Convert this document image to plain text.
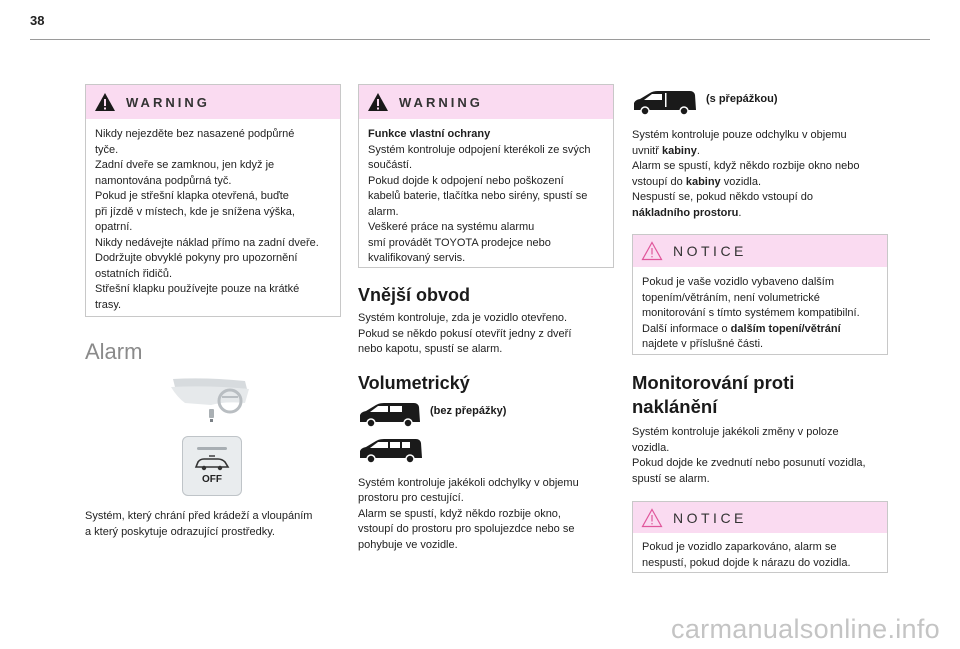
38
WARNING

Nikdy nejezděte bez nasazené podpůrné

tyče.

Zadní dveře se zamknou, jen když je

namontována podpůrná tyč.

Pokud je střešní klapka otevřená, buďte

při jízdě v místech, kde je snížena výška,

opatrní.

Nikdy nedávejte náklad přímo na zadní dveře.

Dodržujte obvyklé pokyny pro upozornění

ostatních řidičů.

Střešní klapku používejte pouze na krátké

trasy.

Alarm
OFF

Systém, který chrání před krádeží a vloupáním

a který poskytuje odrazující prostředky.

WARNING

Funkce vlastní ochrany

Systém kontroluje odpojení kterékoli ze svých

součástí.

Pokud dojde k odpojení nebo poškození

kabelů baterie, tlačítka nebo sirény, spustí se

alarm.

Veškeré práce na systému alarmu

smí provádět TOYOTA prodejce nebo

kvalifikovaný servis.

Vnější obvod

Systém kontroluje, zda je vozidlo otevřeno.

Pokud se někdo pokusí otevřít jedny z dveří

nebo kapotu, spustí se alarm.

Volumetrický
(bez přepážky)

Systém kontroluje jakékoli odchylky v objemu

prostoru pro cestující.

Alarm se spustí, když někdo rozbije okno,

vstoupí do prostoru pro spolujezdce nebo se

pohybuje ve vozidle.

(s přepážkou)

Systém kontroluje pouze odchylku v objemu

uvnitř kabiny.

Alarm se spustí, když někdo rozbije okno nebo

vstoupí do kabiny vozidla.

Nespustí se, pokud někdo vstoupí do

nákladního prostoru.

NOTICE

Pokud je vaše vozidlo vybaveno dalším

topením/větráním, není volumetrické

monitorování s tímto systémem kompatibilní.

Další informace o dalším topení/větrání

najdete v příslušné části.

Monitorování proti

naklánění

Systém kontroluje jakékoli změny v poloze

vozidla.

Pokud dojde ke zvednutí nebo posunutí vozidla,

spustí se alarm.

NOTICE

Pokud je vozidlo zaparkováno, alarm se

nespustí, pokud dojde k nárazu do vozidla.

carmanualsonline.info
